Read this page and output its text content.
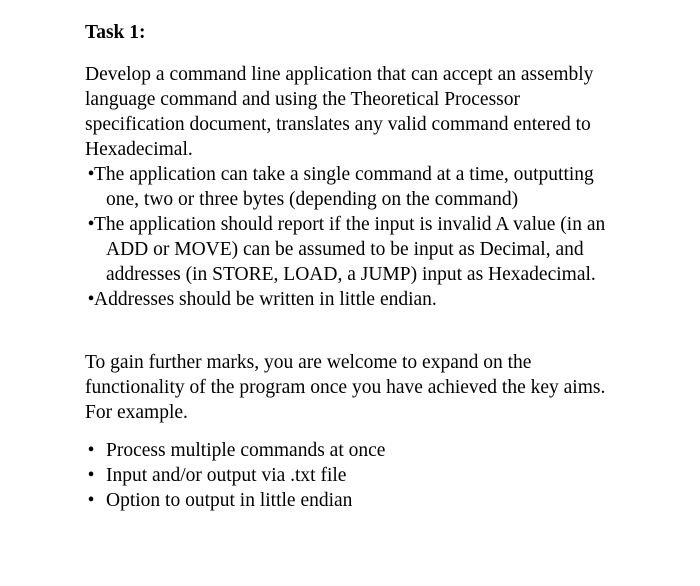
Task 1:

Develop a command line application that can accept an assembly language command and using the Theoretical Processor specification document, translates any valid command entered to Hexadecimal.

• The application can take a single command at a time, outputting one, two or three bytes (depending on the command)
• The application should report if the input is invalid A value (in an ADD or MOVE) can be assumed to be input as Decimal, and addresses (in STORE, LOAD, a JUMP) input as Hexadecimal.
• Addresses should be written in little endian.

To gain further marks, you are welcome to expand on the functionality of the program once you have achieved the key aims. For example.

• Process multiple commands at once
• Input and/or output via .txt file
• Option to output in little endian
